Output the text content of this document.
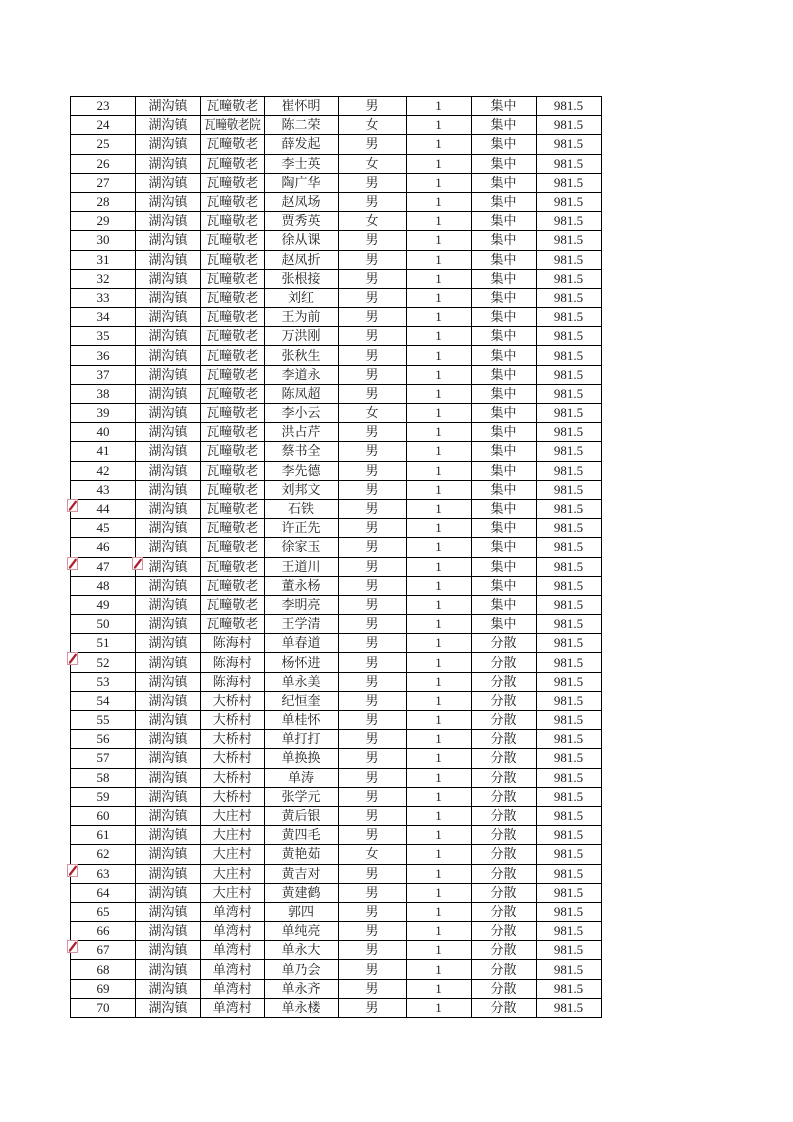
23	湖沟镇	瓦疃敬老	崔怀明	男	1	集中	981.5
24	湖沟镇	瓦疃敬老院	陈二荣	女	1	集中	981.5
25	湖沟镇	瓦疃敬老	薛发起	男	1	集中	981.5
26	湖沟镇	瓦疃敬老	李士英	女	1	集中	981.5
27	湖沟镇	瓦疃敬老	陶广华	男	1	集中	981.5
28	湖沟镇	瓦疃敬老	赵凤场	男	1	集中	981.5
29	湖沟镇	瓦疃敬老	贾秀英	女	1	集中	981.5
30	湖沟镇	瓦疃敬老	徐从课	男	1	集中	981.5
31	湖沟镇	瓦疃敬老	赵凤折	男	1	集中	981.5
32	湖沟镇	瓦疃敬老	张根接	男	1	集中	981.5
33	湖沟镇	瓦疃敬老	刘红	男	1	集中	981.5
34	湖沟镇	瓦疃敬老	王为前	男	1	集中	981.5
35	湖沟镇	瓦疃敬老	万洪刚	男	1	集中	981.5
36	湖沟镇	瓦疃敬老	张秋生	男	1	集中	981.5
37	湖沟镇	瓦疃敬老	李道永	男	1	集中	981.5
38	湖沟镇	瓦疃敬老	陈凤超	男	1	集中	981.5
39	湖沟镇	瓦疃敬老	李小云	女	1	集中	981.5
40	湖沟镇	瓦疃敬老	洪占芹	男	1	集中	981.5
41	湖沟镇	瓦疃敬老	蔡书全	男	1	集中	981.5
42	湖沟镇	瓦疃敬老	李先德	男	1	集中	981.5
43	湖沟镇	瓦疃敬老	刘邦文	男	1	集中	981.5
44	湖沟镇	瓦疃敬老	石铁	男	1	集中	981.5
45	湖沟镇	瓦疃敬老	许正先	男	1	集中	981.5
46	湖沟镇	瓦疃敬老	徐家玉	男	1	集中	981.5
47	湖沟镇	瓦疃敬老	王道川	男	1	集中	981.5
48	湖沟镇	瓦疃敬老	董永杨	男	1	集中	981.5
49	湖沟镇	瓦疃敬老	李明亮	男	1	集中	981.5
50	湖沟镇	瓦疃敬老	王学清	男	1	集中	981.5
51	湖沟镇	陈海村	单春道	男	1	分散	981.5
52	湖沟镇	陈海村	杨怀进	男	1	分散	981.5
53	湖沟镇	陈海村	单永美	男	1	分散	981.5
54	湖沟镇	大桥村	纪恒奎	男	1	分散	981.5
55	湖沟镇	大桥村	单桂怀	男	1	分散	981.5
56	湖沟镇	大桥村	单打打	男	1	分散	981.5
57	湖沟镇	大桥村	单换换	男	1	分散	981.5
58	湖沟镇	大桥村	单涛	男	1	分散	981.5
59	湖沟镇	大桥村	张学元	男	1	分散	981.5
60	湖沟镇	大庄村	黄后银	男	1	分散	981.5
61	湖沟镇	大庄村	黄四毛	男	1	分散	981.5
62	湖沟镇	大庄村	黄艳茹	女	1	分散	981.5
63	湖沟镇	大庄村	黄吉对	男	1	分散	981.5
64	湖沟镇	大庄村	黄建鹤	男	1	分散	981.5
65	湖沟镇	单湾村	郭四	男	1	分散	981.5
66	湖沟镇	单湾村	单纯亮	男	1	分散	981.5
67	湖沟镇	单湾村	单永大	男	1	分散	981.5
68	湖沟镇	单湾村	单乃会	男	1	分散	981.5
69	湖沟镇	单湾村	单永齐	男	1	分散	981.5
70	湖沟镇	单湾村	单永楼	男	1	分散	981.5
